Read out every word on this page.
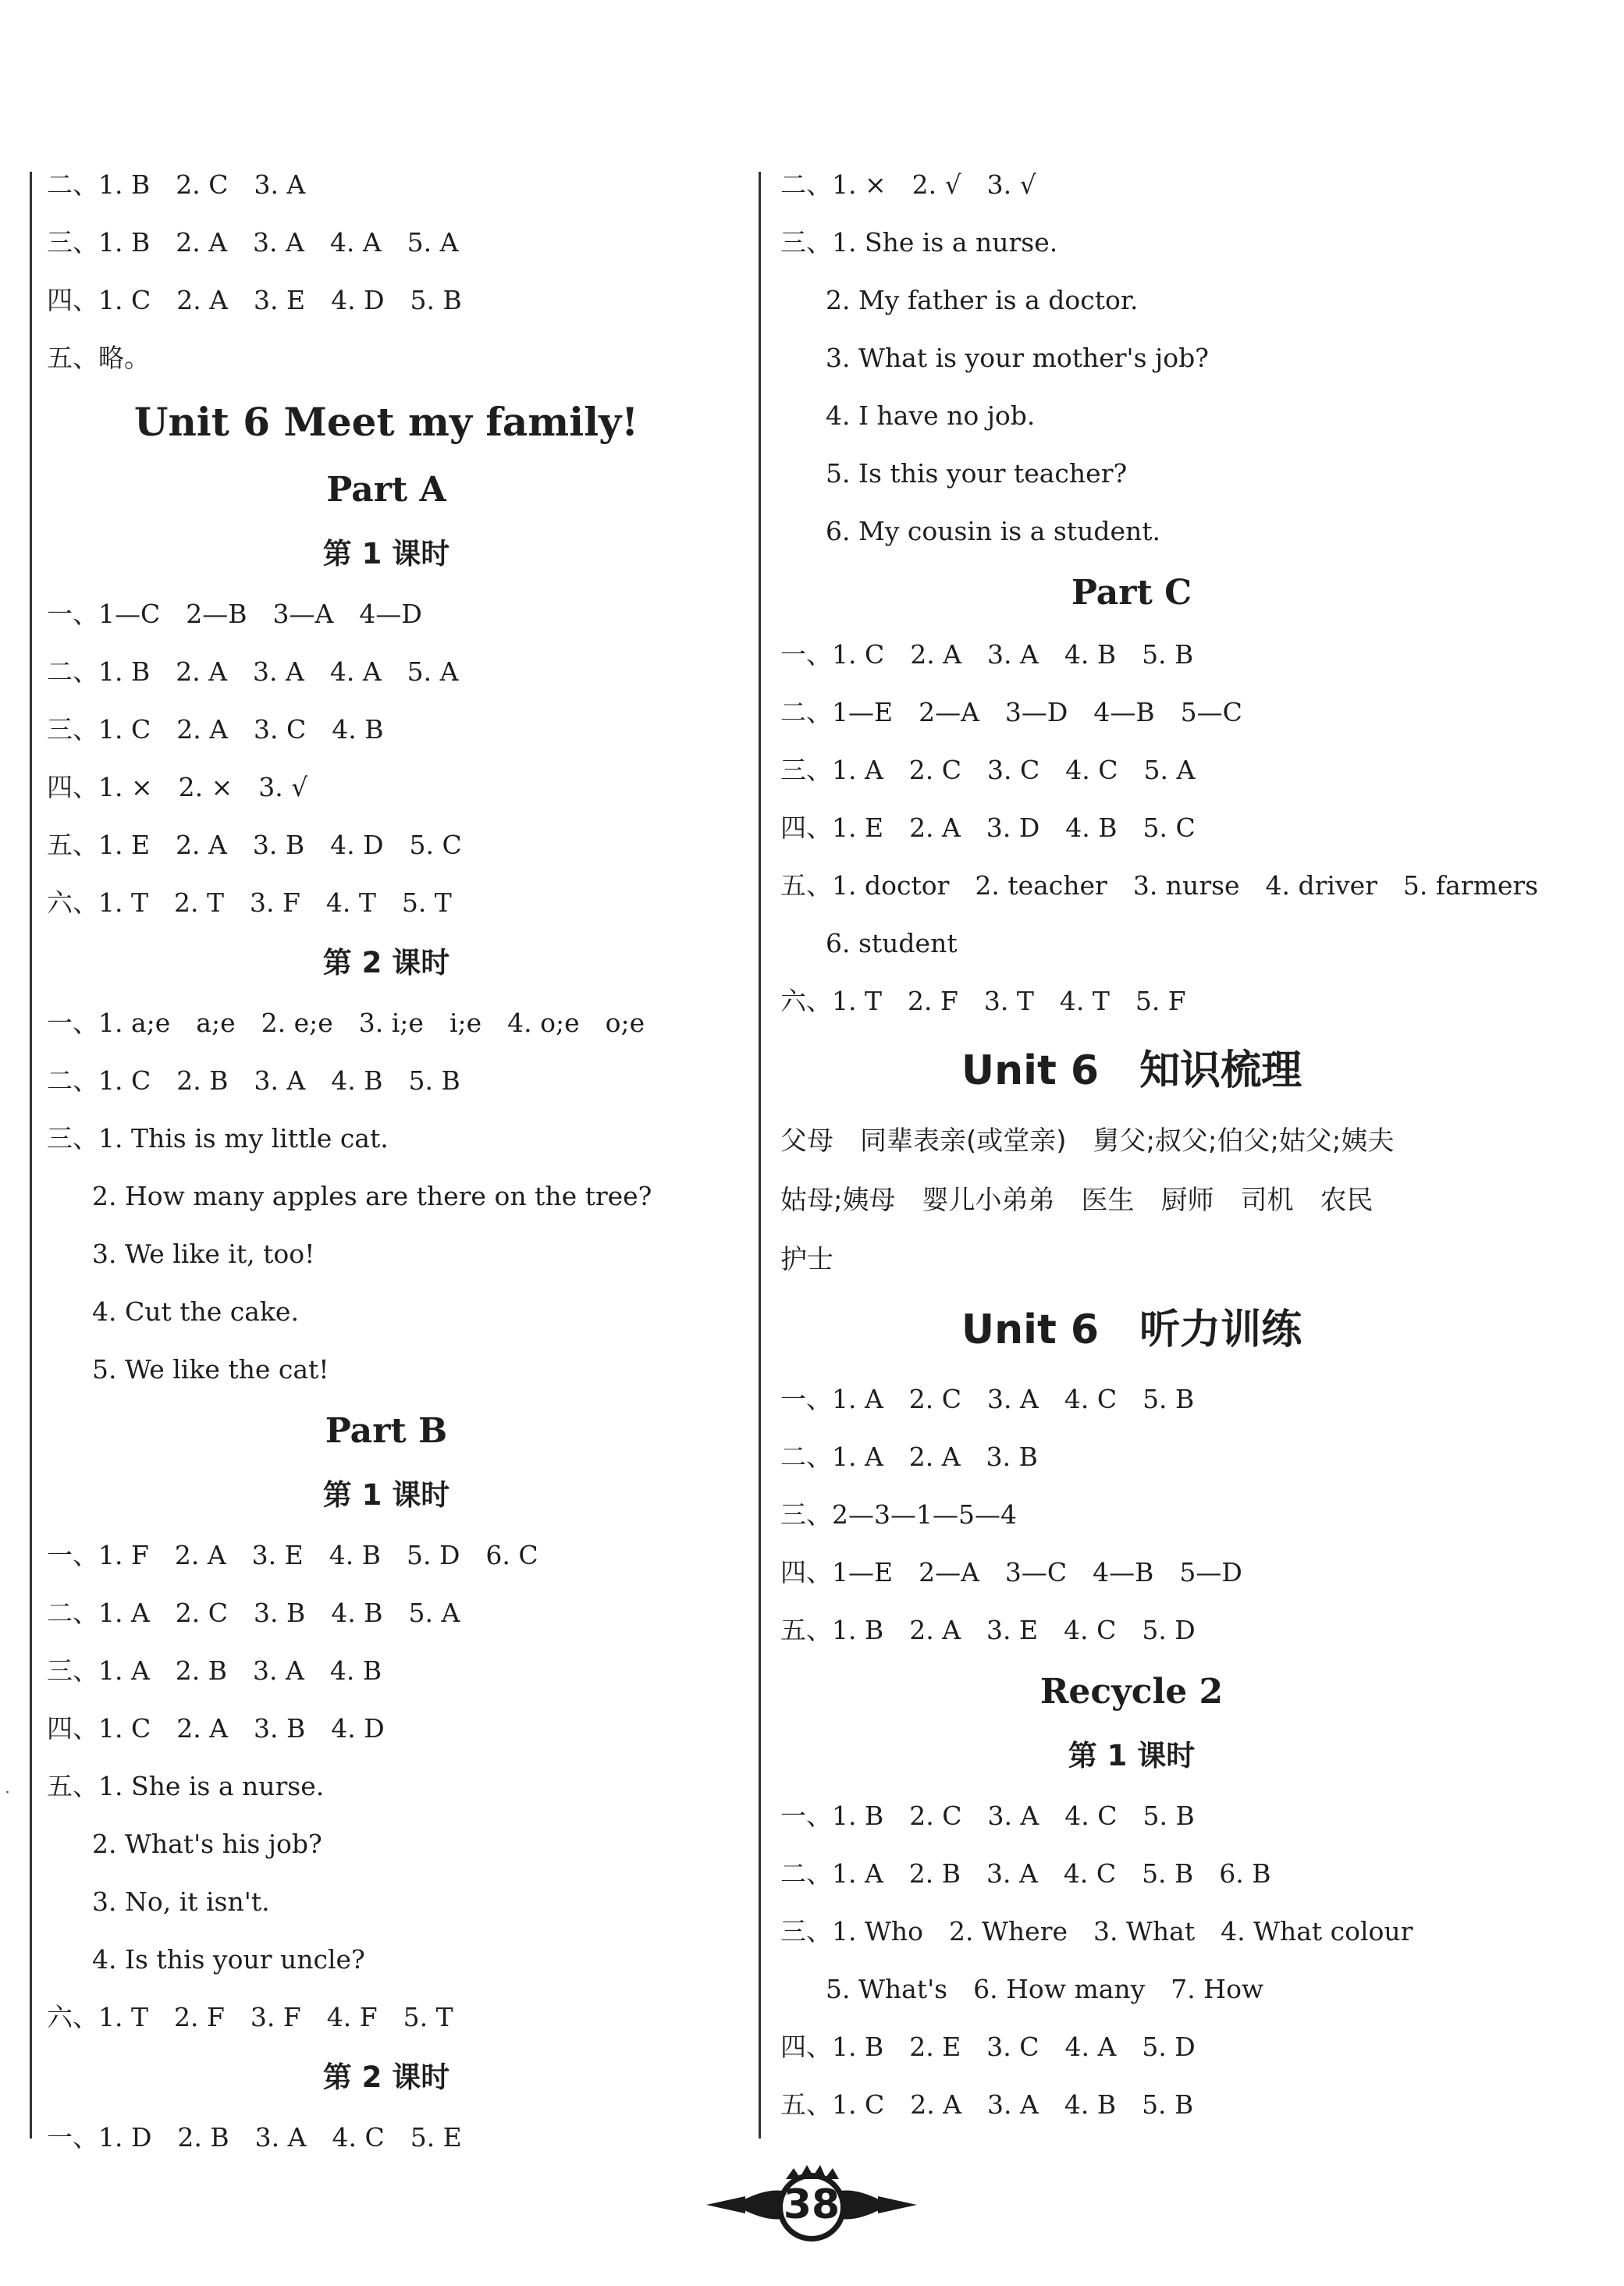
·
二、1. B　2. C　3. A
三、1. B　2. A　3. A　4. A　5. A
四、1. C　2. A　3. E　4. D　5. B
五、略。
Unit 6 Meet my family!
Part A
第 1 课时
一、1—C　2—B　3—A　4—D
二、1. B　2. A　3. A　4. A　5. A
三、1. C　2. A　3. C　4. B
四、1. ×　2. ×　3. √
五、1. E　2. A　3. B　4. D　5. C
六、1. T　2. T　3. F　4. T　5. T
第 2 课时
一、1. a;e　a;e　2. e;e　3. i;e　i;e　4. o;e　o;e
二、1. C　2. B　3. A　4. B　5. B
三、1. This is my little cat.
2. How many apples are there on the tree?
3. We like it, too!
4. Cut the cake.
5. We like the cat!
Part B
第 1 课时
一、1. F　2. A　3. E　4. B　5. D　6. C
二、1. A　2. C　3. B　4. B　5. A
三、1. A　2. B　3. A　4. B
四、1. C　2. A　3. B　4. D
五、1. She is a nurse.
2. What's his job?
3. No, it isn't.
4. Is this your uncle?
六、1. T　2. F　3. F　4. F　5. T
第 2 课时
一、1. D　2. B　3. A　4. C　5. E
二、1. ×　2. √　3. √
三、1. She is a nurse.
2. My father is a doctor.
3. What is your mother's job?
4. I have no job.
5. Is this your teacher?
6. My cousin is a student.
Part C
一、1. C　2. A　3. A　4. B　5. B
二、1—E　2—A　3—D　4—B　5—C
三、1. A　2. C　3. C　4. C　5. A
四、1. E　2. A　3. D　4. B　5. C
五、1. doctor　2. teacher　3. nurse　4. driver　5. farmers
6. student
六、1. T　2. F　3. T　4. T　5. F
Unit 6　知识梳理
父母　同辈表亲(或堂亲)　舅父;叔父;伯父;姑父;姨夫
姑母;姨母　婴儿小弟弟　医生　厨师　司机　农民
护士
Unit 6　听力训练
一、1. A　2. C　3. A　4. C　5. B
二、1. A　2. A　3. B
三、2—3—1—5—4
四、1—E　2—A　3—C　4—B　5—D
五、1. B　2. A　3. E　4. C　5. D
Recycle 2
第 1 课时
一、1. B　2. C　3. A　4. C　5. B
二、1. A　2. B　3. A　4. C　5. B　6. B
三、1. Who　2. Where　3. What　4. What colour
5. What's　6. How many　7. How
四、1. B　2. E　3. C　4. A　5. D
五、1. C　2. A　3. A　4. B　5. B
38
